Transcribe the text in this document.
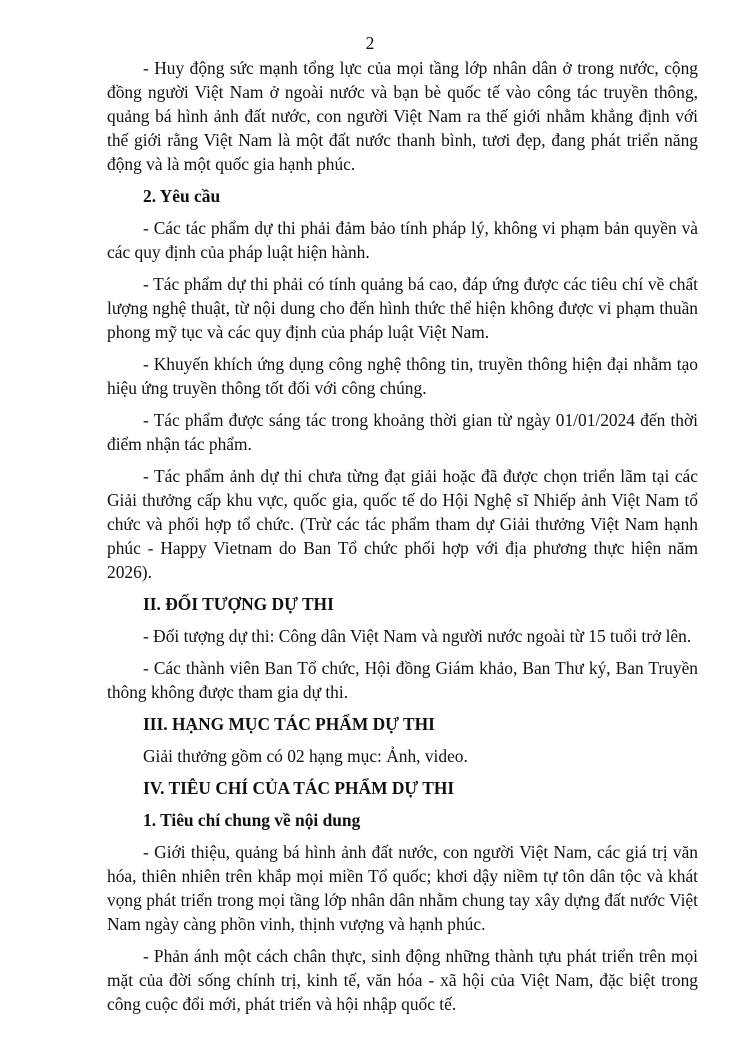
2

- Huy động sức mạnh tổng lực của mọi tầng lớp nhân dân ở trong nước, cộng đồng người Việt Nam ở ngoài nước và bạn bè quốc tế vào công tác truyền thông, quảng bá hình ảnh đất nước, con người Việt Nam ra thế giới nhằm khẳng định với thế giới rằng Việt Nam là một đất nước thanh bình, tươi đẹp, đang phát triển năng động và là một quốc gia hạnh phúc.

2. Yêu cầu

- Các tác phẩm dự thi phải đảm bảo tính pháp lý, không vi phạm bản quyền và các quy định của pháp luật hiện hành.

- Tác phẩm dự thi phải có tính quảng bá cao, đáp ứng được các tiêu chí về chất lượng nghệ thuật, từ nội dung cho đến hình thức thể hiện không được vi phạm thuần phong mỹ tục và các quy định của pháp luật Việt Nam.

- Khuyến khích ứng dụng công nghệ thông tin, truyền thông hiện đại nhằm tạo hiệu ứng truyền thông tốt đối với công chúng.

- Tác phẩm được sáng tác trong khoảng thời gian từ ngày 01/01/2024 đến thời điểm nhận tác phẩm.

- Tác phẩm ảnh dự thi chưa từng đạt giải hoặc đã được chọn triển lãm tại các Giải thưởng cấp khu vực, quốc gia, quốc tế do Hội Nghệ sĩ Nhiếp ảnh Việt Nam tổ chức và phối hợp tổ chức. (Trừ các tác phẩm tham dự Giải thưởng Việt Nam hạnh phúc - Happy Vietnam do Ban Tổ chức phối hợp với địa phương thực hiện năm 2026).

II. ĐỐI TƯỢNG DỰ THI

- Đối tượng dự thi: Công dân Việt Nam và người nước ngoài từ 15 tuổi trở lên.

- Các thành viên Ban Tổ chức, Hội đồng Giám khảo, Ban Thư ký, Ban Truyền thông không được tham gia dự thi.

III. HẠNG MỤC TÁC PHẨM DỰ THI

Giải thưởng gồm có 02 hạng mục: Ảnh, video.

IV. TIÊU CHÍ CỦA TÁC PHẨM DỰ THI

1. Tiêu chí chung về nội dung

- Giới thiệu, quảng bá hình ảnh đất nước, con người Việt Nam, các giá trị văn hóa, thiên nhiên trên khắp mọi miền Tổ quốc; khơi dậy niềm tự tôn dân tộc và khát vọng phát triển trong mọi tầng lớp nhân dân nhằm chung tay xây dựng đất nước Việt Nam ngày càng phồn vinh, thịnh vượng và hạnh phúc.

- Phản ánh một cách chân thực, sinh động những thành tựu phát triển trên mọi mặt của đời sống chính trị, kinh tế, văn hóa - xã hội của Việt Nam, đặc biệt trong công cuộc đổi mới, phát triển và hội nhập quốc tế.
